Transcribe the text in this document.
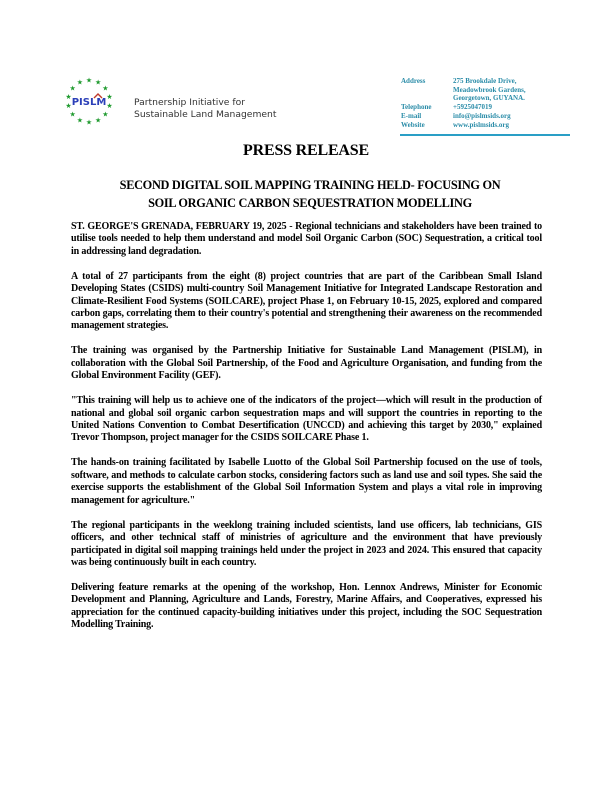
★ ★
★
★
★
★
★
★
★
★
★
★
★
★
PISLM	Partnership Initiative for
Sustainable Land Management
Address	275 Brookdale Drive,
Meadowbrook Gardens,
Georgetown, GUYANA.
Telephone	+5925047019
E-mail	info@pislmsids.org
Website	www.pislmsids.org
PRESS RELEASE
SECOND DIGITAL SOIL MAPPING TRAINING HELD- FOCUSING ON
SOIL ORGANIC CARBON SEQUESTRATION MODELLING

ST. GEORGE'S GRENADA, FEBRUARY 19, 2025 - Regional technicians and stakeholders have been trained to utilise tools needed to help them understand and model Soil Organic Carbon (SOC) Sequestration, a critical tool in addressing land degradation.

A total of 27 participants from the eight (8) project countries that are part of the Caribbean Small Island Developing States (CSIDS) multi-country Soil Management Initiative for Integrated Landscape Restoration and Climate-Resilient Food Systems (SOILCARE), project Phase 1, on February 10-15, 2025, explored and compared carbon gaps, correlating them to their country's potential and strengthening their awareness on the recommended management strategies.

The training was organised by the Partnership Initiative for Sustainable Land Management (PISLM), in collaboration with the Global Soil Partnership, of the Food and Agriculture Organisation, and funding from the Global Environment Facility (GEF).

"This training will help us to achieve one of the indicators of the project—which will result in the production of national and global soil organic carbon sequestration maps and will support the countries in reporting to the United Nations Convention to Combat Desertification (UNCCD) and achieving this target by 2030," explained Trevor Thompson, project manager for the CSIDS SOILCARE Phase 1.

The hands-on training facilitated by Isabelle Luotto of the Global Soil Partnership focused on the use of tools, software, and methods to calculate carbon stocks, considering factors such as land use and soil types. She said the exercise supports the establishment of the Global Soil Information System and plays a vital role in improving management for agriculture."

The regional participants in the weeklong training included scientists, land use officers, lab technicians, GIS officers, and other technical staff of ministries of agriculture and the environment that have previously participated in digital soil mapping trainings held under the project in 2023 and 2024. This ensured that capacity was being continuously built in each country.

Delivering feature remarks at the opening of the workshop, Hon. Lennox Andrews, Minister for Economic Development and Planning, Agriculture and Lands, Forestry, Marine Affairs, and Cooperatives, expressed his appreciation for the continued capacity-building initiatives under this project, including the SOC Sequestration Modelling Training.
